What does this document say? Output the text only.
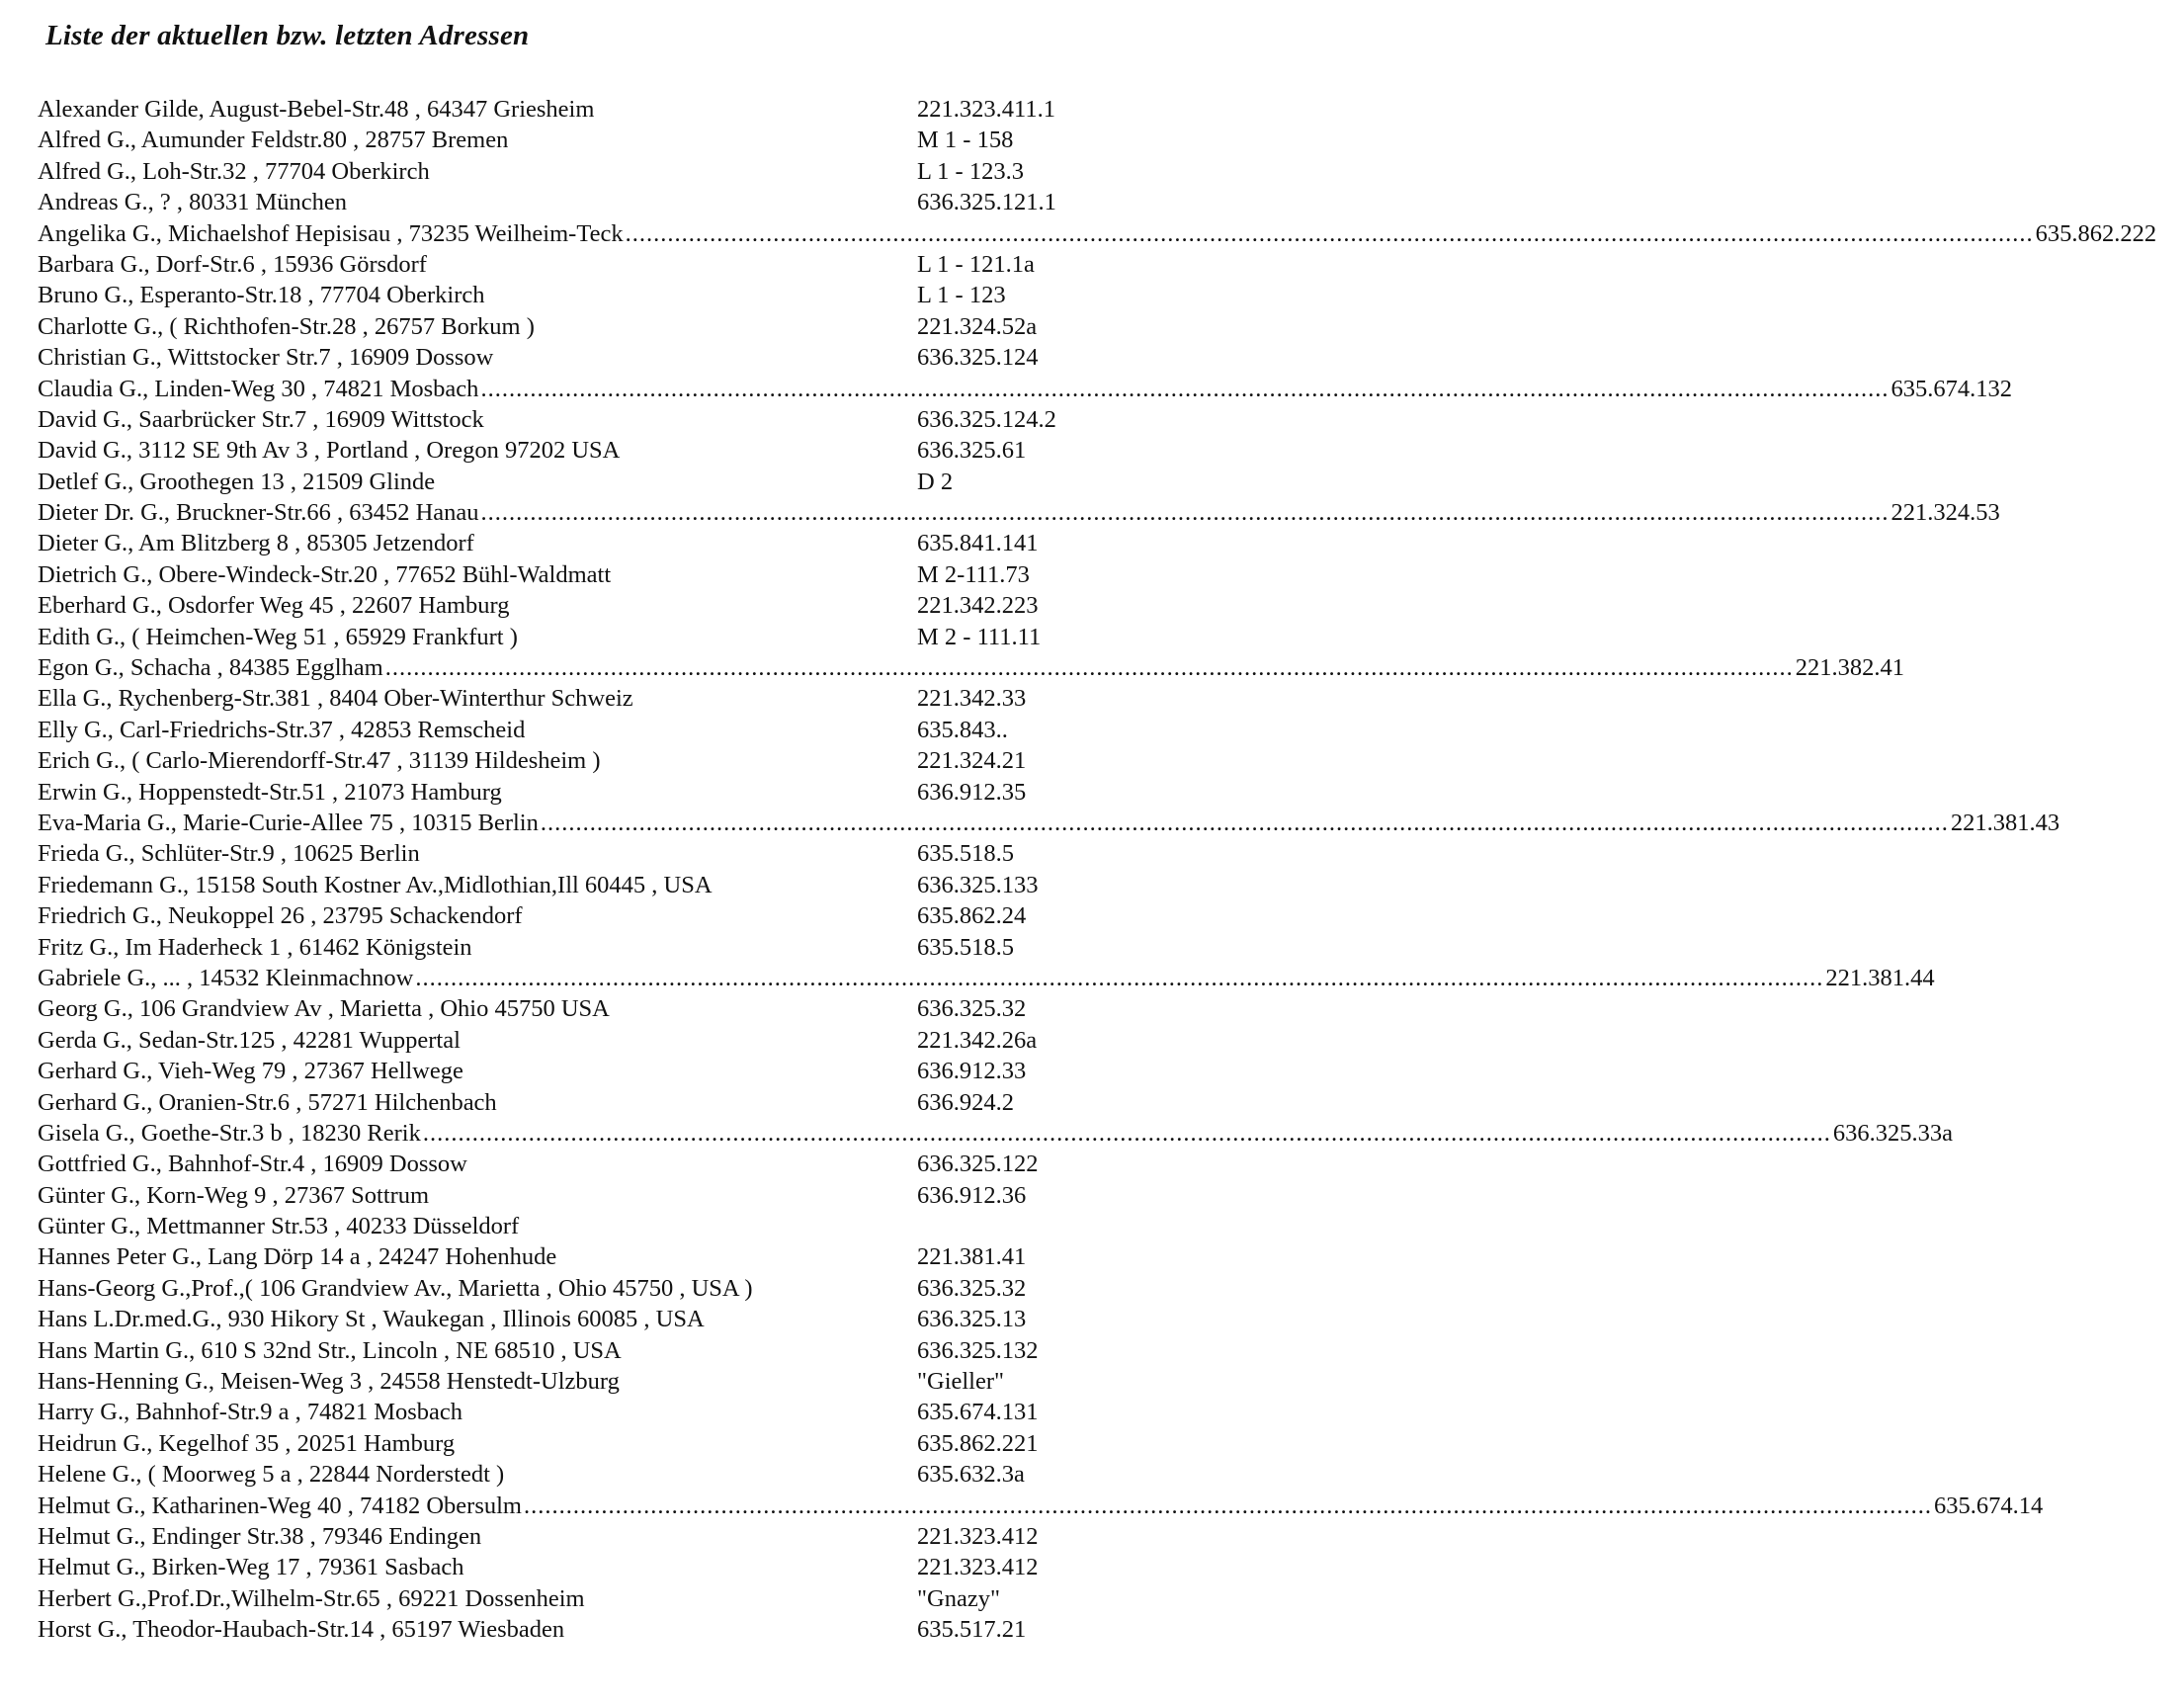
Liste der aktuellen bzw. letzten Adressen
Alexander Gilde, August-Bebel-Str.48 , 64347 Griesheim	221.323.411.1
Alfred G., Aumunder Feldstr.80 , 28757 Bremen	M 1 - 158
Alfred G., Loh-Str.32 , 77704 Oberkirch	L 1 - 123.3
Andreas G., ? , 80331 München	636.325.121.1
Angelika G., Michaelshof Hepisisau , 73235 Weilheim-Teck ........................................................................................................................................................................................................ 635.862.222
Barbara G., Dorf-Str.6 , 15936 Görsdorf	L 1 - 121.1a
Bruno G., Esperanto-Str.18 , 77704 Oberkirch	L 1 - 123
Charlotte G., ( Richthofen-Str.28 , 26757 Borkum )	221.324.52a
Christian G., Wittstocker Str.7 , 16909 Dossow	636.325.124
Claudia G., Linden-Weg 30 , 74821 Mosbach ........................................................................................................................................................................................................ 635.674.132
David G., Saarbrücker Str.7 , 16909 Wittstock	636.325.124.2
David G., 3112 SE 9th Av 3 , Portland , Oregon 97202 USA	636.325.61
Detlef G., Groothegen 13 , 21509 Glinde	D 2
Dieter Dr. G., Bruckner-Str.66 , 63452 Hanau ........................................................................................................................................................................................................ 221.324.53
Dieter G., Am Blitzberg 8 , 85305 Jetzendorf	635.841.141
Dietrich G., Obere-Windeck-Str.20 , 77652 Bühl-Waldmatt	M 2-111.73
Eberhard G., Osdorfer Weg 45 , 22607 Hamburg	221.342.223
Edith G., ( Heimchen-Weg 51 , 65929 Frankfurt )	M 2 - 111.11
Egon G., Schacha , 84385 Egglham ........................................................................................................................................................................................................ 221.382.41
Ella G., Rychenberg-Str.381 , 8404 Ober-Winterthur Schweiz	221.342.33
Elly G., Carl-Friedrichs-Str.37 , 42853 Remscheid	635.843..
Erich G., ( Carlo-Mierendorff-Str.47 , 31139 Hildesheim )	221.324.21
Erwin G., Hoppenstedt-Str.51 , 21073 Hamburg	636.912.35
Eva-Maria G., Marie-Curie-Allee 75 , 10315 Berlin ........................................................................................................................................................................................................ 221.381.43
Frieda G., Schlüter-Str.9 , 10625 Berlin	635.518.5
Friedemann G., 15158 South Kostner Av.,Midlothian,Ill 60445 , USA	636.325.133
Friedrich G., Neukoppel 26 , 23795 Schackendorf	635.862.24
Fritz G., Im Haderheck 1 , 61462 Königstein	635.518.5
Gabriele G., ... , 14532 Kleinmachnow ........................................................................................................................................................................................................ 221.381.44
Georg G., 106 Grandview Av , Marietta , Ohio 45750 USA	636.325.32
Gerda G., Sedan-Str.125 , 42281 Wuppertal	221.342.26a
Gerhard G., Vieh-Weg 79 , 27367 Hellwege	636.912.33
Gerhard G., Oranien-Str.6 , 57271 Hilchenbach	636.924.2
Gisela G., Goethe-Str.3 b , 18230 Rerik ........................................................................................................................................................................................................ 636.325.33a
Gottfried G., Bahnhof-Str.4 , 16909 Dossow	636.325.122
Günter G., Korn-Weg 9 , 27367 Sottrum	636.912.36
Günter G., Mettmanner Str.53 , 40233 Düsseldorf
Hannes Peter G., Lang Dörp 14 a , 24247 Hohenhude	221.381.41
Hans-Georg G.,Prof.,( 106 Grandview Av., Marietta , Ohio 45750 , USA )	636.325.32
Hans L.Dr.med.G., 930 Hikory St , Waukegan , Illinois 60085 , USA	636.325.13
Hans Martin G., 610 S 32nd Str., Lincoln , NE 68510 , USA	636.325.132
Hans-Henning G., Meisen-Weg 3 , 24558 Henstedt-Ulzburg	"Gieller"
Harry G., Bahnhof-Str.9 a , 74821 Mosbach	635.674.131
Heidrun G., Kegelhof 35 , 20251 Hamburg	635.862.221
Helene G., ( Moorweg 5 a , 22844 Norderstedt )	635.632.3a
Helmut G., Katharinen-Weg 40 , 74182 Obersulm ........................................................................................................................................................................................................ 635.674.14
Helmut G., Endinger Str.38 , 79346 Endingen	221.323.412
Helmut G., Birken-Weg 17 , 79361 Sasbach	221.323.412
Herbert G.,Prof.Dr.,Wilhelm-Str.65 , 69221 Dossenheim	"Gnazy"
Horst G., Theodor-Haubach-Str.14 , 65197 Wiesbaden	635.517.21
